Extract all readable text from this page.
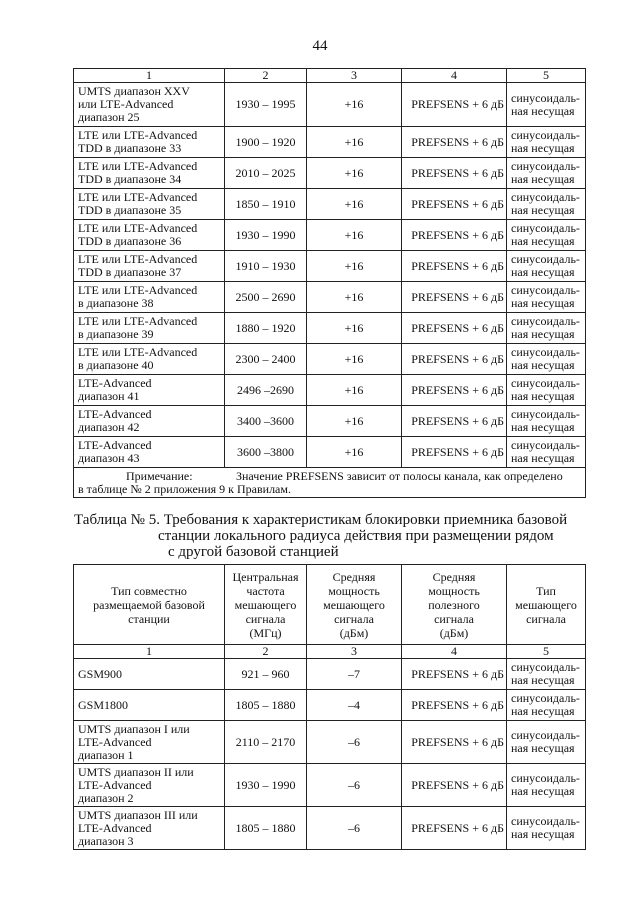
44
1	2	3	4	5
UMTS диапазон XXV
или LTE-Advanced
диапазон 25	1930 – 1995	+16	PREFSENS + 6 дБ	синусоидаль-
ная несущая
LTE или LTE-Advanced
TDD в диапазоне 33	1900 – 1920	+16	PREFSENS + 6 дБ	синусоидаль-
ная несущая
LTE или LTE-Advanced
TDD в диапазоне 34	2010 – 2025	+16	PREFSENS + 6 дБ	синусоидаль-
ная несущая
LTE или LTE-Advanced
TDD в диапазоне 35	1850 – 1910	+16	PREFSENS + 6 дБ	синусоидаль-
ная несущая
LTE или LTE-Advanced
TDD в диапазоне 36	1930 – 1990	+16	PREFSENS + 6 дБ	синусоидаль-
ная несущая
LTE или LTE-Advanced
TDD в диапазоне 37	1910 – 1930	+16	PREFSENS + 6 дБ	синусоидаль-
ная несущая
LTE или LTE-Advanced
в диапазоне 38	2500 – 2690	+16	PREFSENS + 6 дБ	синусоидаль-
ная несущая
LTE или LTE-Advanced
в диапазоне 39	1880 – 1920	+16	PREFSENS + 6 дБ	синусоидаль-
ная несущая
LTE или LTE-Advanced
в диапазоне 40	2300 – 2400	+16	PREFSENS + 6 дБ	синусоидаль-
ная несущая
LTE-Advanced
диапазон 41	2496 –2690	+16	PREFSENS + 6 дБ	синусоидаль-
ная несущая
LTE-Advanced
диапазон 42	3400 –3600	+16	PREFSENS + 6 дБ	синусоидаль-
ная несущая
LTE-Advanced
диапазон 43	3600 –3800	+16	PREFSENS + 6 дБ	синусоидаль-
ная несущая
Примечание: Значение PREFSENS зависит от полосы канала, как определено
в таблице № 2 приложения 9 к Правилам.				
Таблица № 5. Требования к характеристикам блокировки приемника базовой
станции локального радиуса действия при размещении рядом
с другой базовой станцией
Тип совместно
размещаемой базовой
станции	Центральная
частота
мешающего
сигнала
(МГц)	Средняя
мощность
мешающего
сигнала
(дБм)	Средняя
мощность
полезного
сигнала
(дБм)	Тип
мешающего
сигнала
1	2	3	4	5
GSM900	921 – 960	–7	PREFSENS + 6 дБ	синусоидаль-
ная несущая
GSM1800	1805 – 1880	–4	PREFSENS + 6 дБ	синусоидаль-
ная несущая
UMTS диапазон I или
LTE-Advanced
диапазон 1	2110 – 2170	–6	PREFSENS + 6 дБ	синусоидаль-
ная несущая
UMTS диапазон II или
LTE-Advanced
диапазон 2	1930 – 1990	–6	PREFSENS + 6 дБ	синусоидаль-
ная несущая
UMTS диапазон III или
LTE-Advanced
диапазон 3	1805 – 1880	–6	PREFSENS + 6 дБ	синусоидаль-
ная несущая
